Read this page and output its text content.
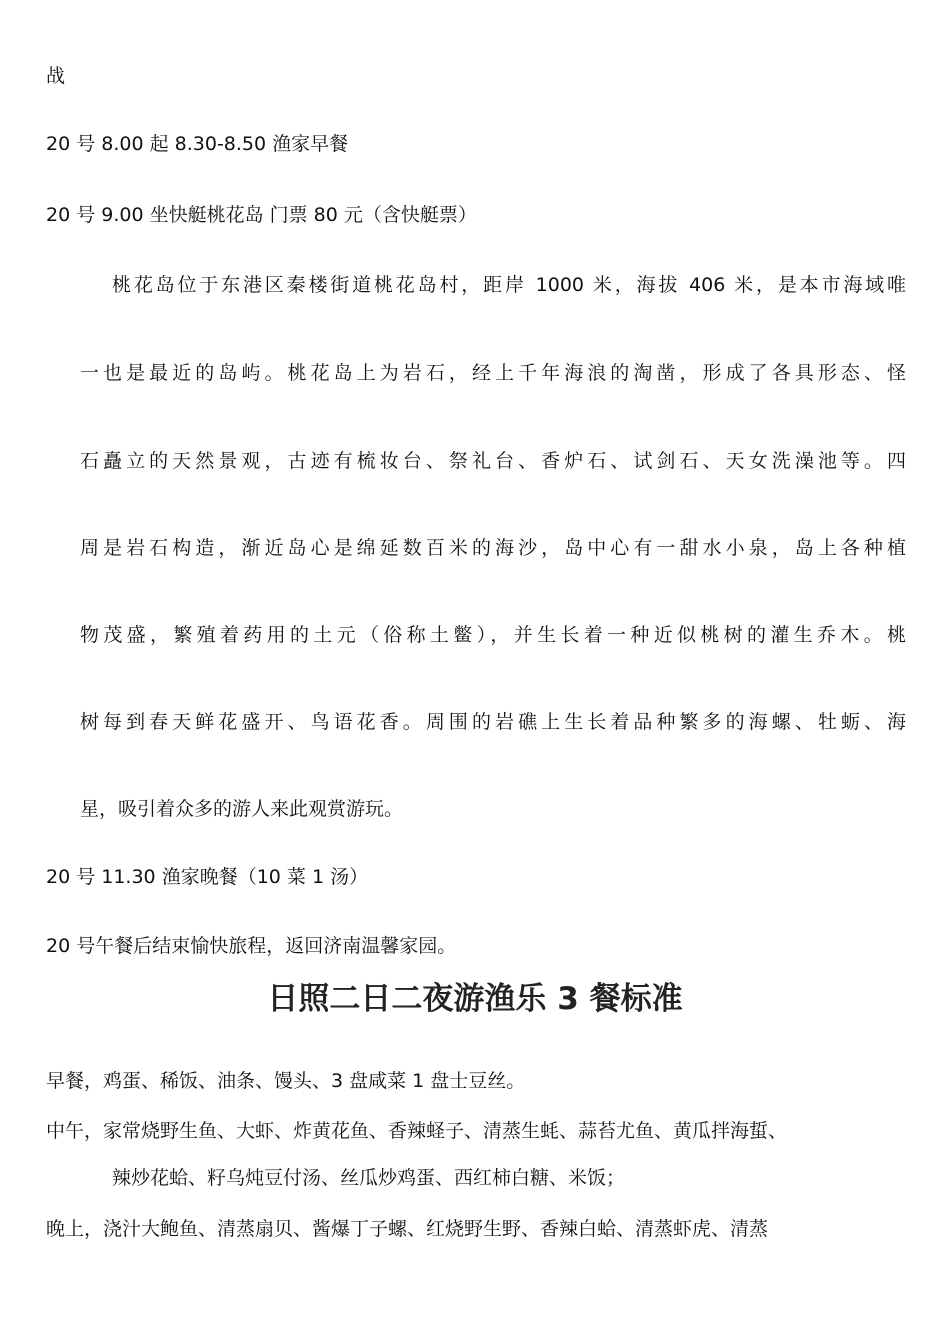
战
20 号 8.00 起 8.30-8.50 渔家早餐
20 号 9.00 坐快艇桃花岛 门票 80 元（含快艇票）
桃花岛位于东港区秦楼街道桃花岛村，距岸 1000 米，海拔 406 米，是本市海域唯
一也是最近的岛屿。桃花岛上为岩石，经上千年海浪的淘凿，形成了各具形态、怪
石矗立的天然景观，古迹有梳妆台、祭礼台、香炉石、试剑石、天女洗澡池等。四
周是岩石构造，渐近岛心是绵延数百米的海沙，岛中心有一甜水小泉，岛上各种植
物茂盛，繁殖着药用的土元（俗称土鳖），并生长着一种近似桃树的灌生乔木。桃
树每到春天鲜花盛开、鸟语花香。周围的岩礁上生长着品种繁多的海螺、牡蛎、海
星，吸引着众多的游人来此观赏游玩。
20 号 11.30 渔家晚餐（10 菜 1 汤）
20 号午餐后结束愉快旅程，返回济南温馨家园。
日照二日二夜游渔乐 3 餐标准
早餐，鸡蛋、稀饭、油条、馒头、3 盘咸菜 1 盘士豆丝。
中午，家常烧野生鱼、大虾、炸黄花鱼、香辣蛏子、清蒸生蚝、蒜苔尤鱼、黄瓜拌海蜇、
辣炒花蛤、籽乌炖豆付汤、丝瓜炒鸡蛋、西红柿白糖、米饭；
晚上，浇汁大鲍鱼、清蒸扇贝、酱爆丁子螺、红烧野生野、香辣白蛤、清蒸虾虎、清蒸
